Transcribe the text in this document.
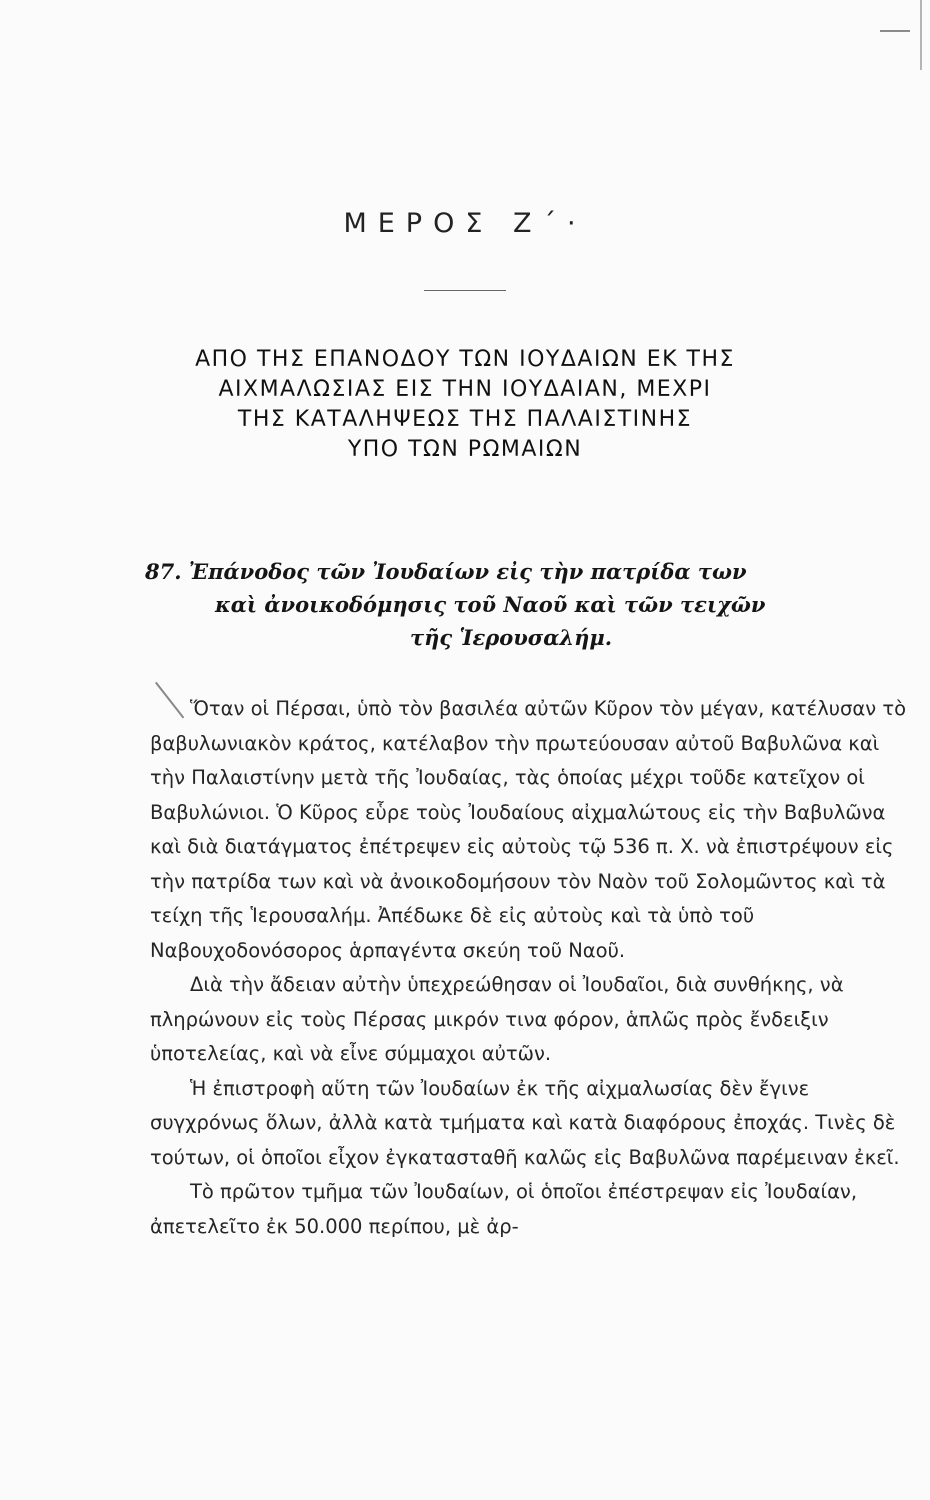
ΜΕΡΟΣ Ζ΄·
ΑΠΟ ΤΗΣ ΕΠΑΝΟΔΟΥ ΤΩΝ ΙΟΥΔΑΙΩΝ ΕΚ ΤΗΣ
ΑΙΧΜΑΛΩΣΙΑΣ ΕΙΣ ΤΗΝ ΙΟΥΔΑΙΑΝ, ΜΕΧΡΙ
ΤΗΣ ΚΑΤΑΛΗΨΕΩΣ ΤΗΣ ΠΑΛΑΙΣΤΙΝΗΣ
ΥΠΟ ΤΩΝ ΡΩΜΑΙΩΝ
87. Ἐπάνοδος τῶν Ἰουδαίων εἰς τὴν πατρίδα των
καὶ ἀνοικοδόμησις τοῦ Ναοῦ καὶ τῶν τειχῶν
τῆς Ἱερουσαλήμ.

Ὅταν οἱ Πέρσαι, ὑπὸ τὸν βασιλέα αὐτῶν Κῦρον τὸν μέγαν, κατέλυσαν τὸ βαβυλωνιακὸν κράτος, κατέλαβον τὴν πρωτεύουσαν αὐτοῦ Βαβυλῶνα καὶ τὴν Παλαιστίνην μετὰ τῆς Ἰουδαίας, τὰς ὁποίας μέχρι τοῦδε κατεῖχον οἱ Βαβυλώνιοι. Ὁ Κῦρος εὗρε τοὺς Ἰουδαίους αἰχμαλώτους εἰς τὴν Βαβυλῶνα καὶ διὰ διατάγματος ἐπέτρεψεν εἰς αὐτοὺς τῷ 536 π. Χ. νὰ ἐπιστρέψουν εἰς τὴν πατρίδα των καὶ νὰ ἀνοικοδομήσουν τὸν Ναὸν τοῦ Σολομῶντος καὶ τὰ τείχη τῆς Ἱερουσαλήμ. Ἀπέδωκε δὲ εἰς αὐτοὺς καὶ τὰ ὑπὸ τοῦ Ναβουχοδονόσορος ἁρπαγέντα σκεύη τοῦ Ναοῦ.

Διὰ τὴν ἄδειαν αὐτὴν ὑπεχρεώθησαν οἱ Ἰουδαῖοι, διὰ συνθήκης, νὰ πληρώνουν εἰς τοὺς Πέρσας μικρόν τινα φόρον, ἁπλῶς πρὸς ἔνδειξιν ὑποτελείας, καὶ νὰ εἶνε σύμμαχοι αὐτῶν.

Ἡ ἐπιστροφὴ αὕτη τῶν Ἰουδαίων ἐκ τῆς αἰχμαλωσίας δὲν ἔγινε συγχρόνως ὅλων, ἀλλὰ κατὰ τμήματα καὶ κατὰ διαφόρους ἐποχάς. Τινὲς δὲ τούτων, οἱ ὁποῖοι εἶχον ἐγκατασταθῆ καλῶς εἰς Βαβυλῶνα παρέμειναν ἐκεῖ.

Τὸ πρῶτον τμῆμα τῶν Ἰουδαίων, οἱ ὁποῖοι ἐπέστρεψαν εἰς Ἰουδαίαν, ἀπετελεῖτο ἐκ 50.000 περίπου, μὲ ἀρ-
